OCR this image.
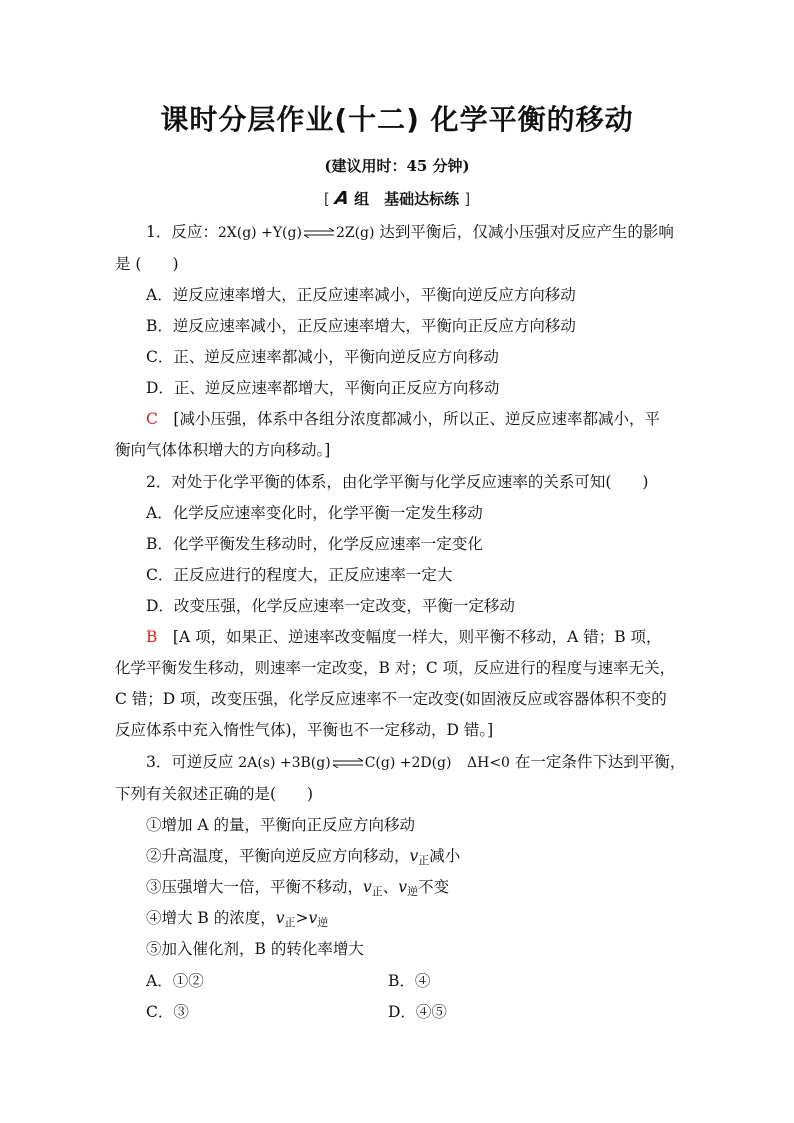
课时分层作业(十二) 化学平衡的移动
(建议用时：45 分钟)
[ A 组　基础达标练 ]
1．反应：2X(g) +Y(g)⇌2Z(g) 达到平衡后，仅减小压强对反应产生的影响
是 (　　)
A．逆反应速率增大，正反应速率减小，平衡向逆反应方向移动
B．逆反应速率减小，正反应速率增大，平衡向正反应方向移动
C．正、逆反应速率都减小，平衡向逆反应方向移动
D．正、逆反应速率都增大，平衡向正反应方向移动
C　 [减小压强，体系中各组分浓度都减小，所以正、逆反应速率都减小，平
衡向气体体积增大的方向移动。]
2．对处于化学平衡的体系，由化学平衡与化学反应速率的关系可知(　　)
A．化学反应速率变化时，化学平衡一定发生移动
B．化学平衡发生移动时，化学反应速率一定变化
C．正反应进行的程度大，正反应速率一定大
D．改变压强，化学反应速率一定改变，平衡一定移动
B　 [A 项，如果正、逆速率改变幅度一样大，则平衡不移动，A 错；B 项，
化学平衡发生移动，则速率一定改变，B 对；C 项，反应进行的程度与速率无关，
C 错；D 项，改变压强，化学反应速率不一定改变(如固液反应或容器体积不变的
反应体系中充入惰性气体)，平衡也不一定移动，D 错。]
3．可逆反应 2A(s) +3B(g)⇌C(g) +2D(g)　 ΔH<0 在一定条件下达到平衡，
下列有关叙述正确的是(　　)
①增加 A 的量，平衡向正反应方向移动
②升高温度，平衡向逆反应方向移动，v正减小
③压强增大一倍，平衡不移动，v正、v逆不变
④增大 B 的浓度，v正>v逆
⑤加入催化剂，B 的转化率增大
A．①②	B．④
C．③	D．④⑤
